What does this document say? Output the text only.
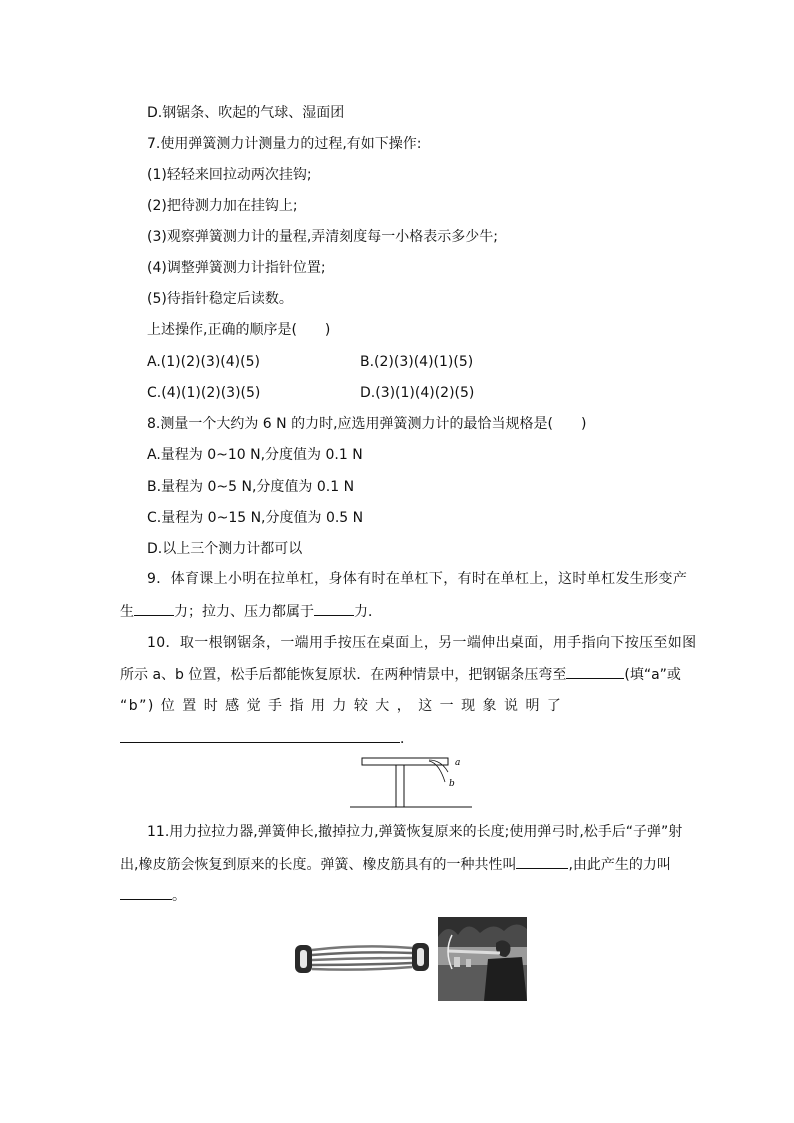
D.钢锯条、吹起的气球、湿面团
7.使用弹簧测力计测量力的过程,有如下操作:
(1)轻轻来回拉动两次挂钩;
(2)把待测力加在挂钩上;
(3)观察弹簧测力计的量程,弄清刻度每一小格表示多少牛;
(4)调整弹簧测力计指针位置;
(5)待指针稳定后读数。
上述操作,正确的顺序是(　　)
A.(1)(2)(3)(4)(5)	B.(2)(3)(4)(1)(5)
C.(4)(1)(2)(3)(5)	D.(3)(1)(4)(2)(5)
8.测量一个大约为 6 N 的力时,应选用弹簧测力计的最恰当规格是(　　)
A.量程为 0~10 N,分度值为 0.1 N
B.量程为 0~5 N,分度值为 0.1 N
C.量程为 0~15 N,分度值为 0.5 N
D.以上三个测力计都可以
9．体育课上小明在拉单杠，身体有时在单杠下，有时在单杠上，这时单杠发生形变产
生	力；拉力、压力都属于	力．
10．取一根钢锯条，一端用手按压在桌面上，另一端伸出桌面，用手指向下按压至如图
所示 a、b 位置，松手后都能恢复原状．在两种情景中，把钢锯条压弯至	(填“a”或
“b”) 位 置 时 感 觉 手 指 用 力 较 大 ， 这 一 现 象 说 明 了
．
a
b
11.用力拉拉力器,弹簧伸长,撤掉拉力,弹簧恢复原来的长度;使用弹弓时,松手后“子弹”射
出,橡皮筋会恢复到原来的长度。弹簧、橡皮筋具有的一种共性叫	,由此产生的力叫
。
